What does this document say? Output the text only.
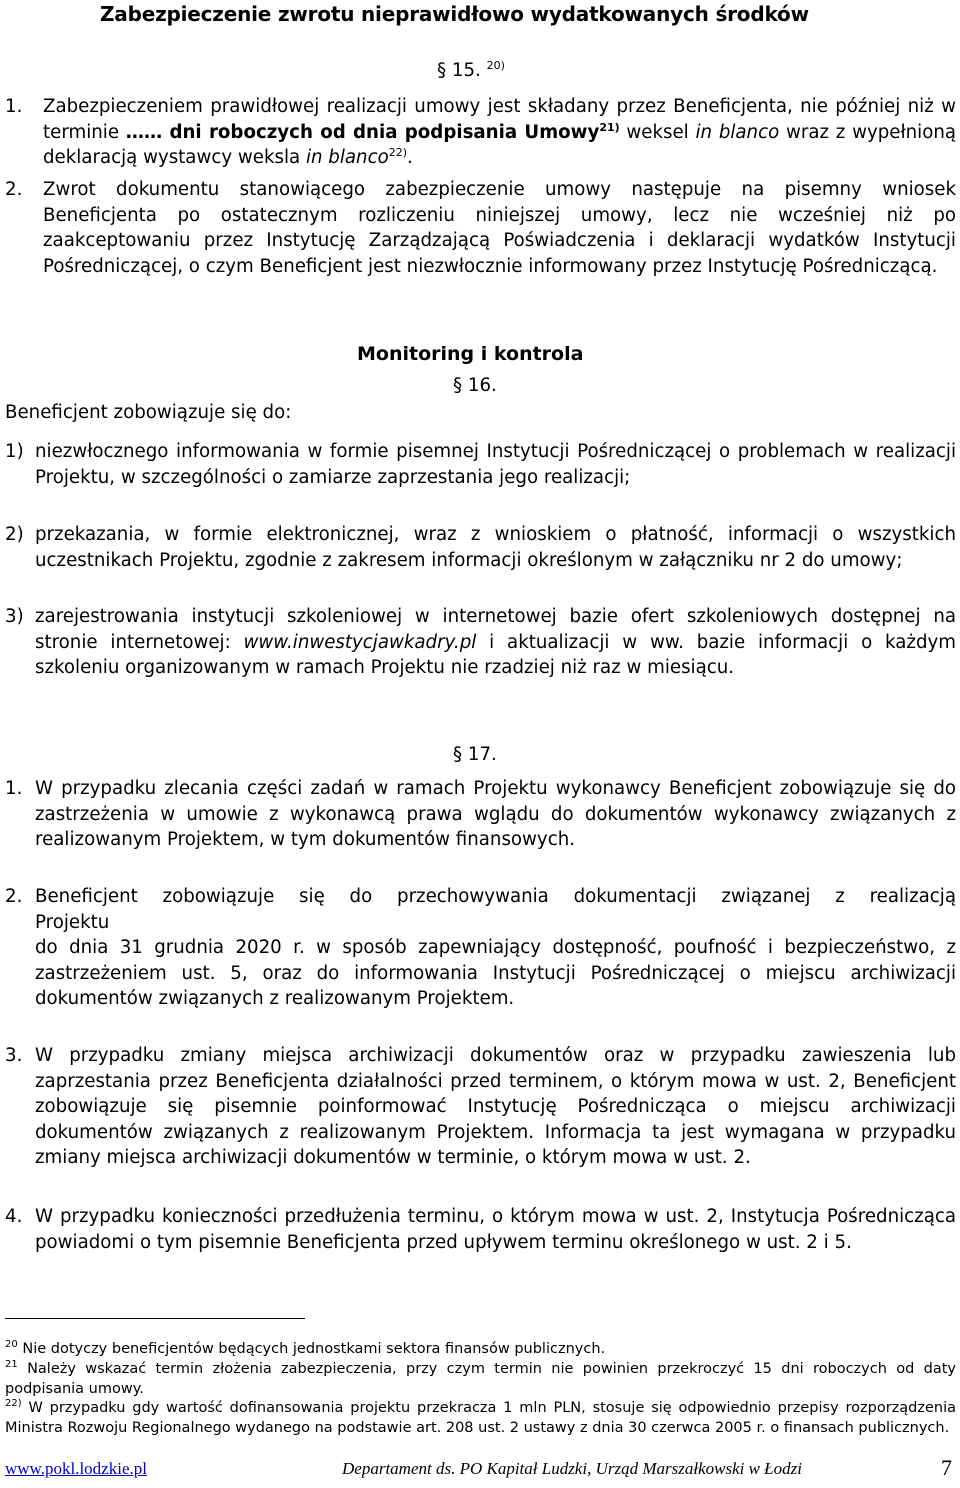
Zabezpieczenie zwrotu nieprawidłowo wydatkowanych środków
§ 15. $^{20)}$
1. Zabezpieczeniem prawidłowej realizacji umowy jest składany przez Beneficjenta, nie później niż w terminie …… dni roboczych od dnia podpisania Umowy$^{21)}$ weksel in blanco wraz z wypełnioną deklaracją wystawcy weksla in blanco$^{22)}$.
2. Zwrot dokumentu stanowiącego zabezpieczenie umowy następuje na pisemny wniosek Beneficjenta po ostatecznym rozliczeniu niniejszej umowy, lecz nie wcześniej niż po zaakceptowaniu przez Instytucję Zarządzającą Poświadczenia i deklaracji wydatków Instytucji Pośredniczącej, o czym Beneficjent jest niezwłocznie informowany przez Instytucję Pośredniczącą.
Monitoring i kontrola
§ 16.
Beneficjent zobowiązuje się do:
1) niezwłocznego informowania w formie pisemnej Instytucji Pośredniczącej o problemach w realizacji Projektu, w szczególności o zamiarze zaprzestania jego realizacji;
2) przekazania, w formie elektronicznej, wraz z wnioskiem o płatność, informacji o wszystkich uczestnikach Projektu, zgodnie z zakresem informacji określonym w załączniku nr 2 do umowy;
3) zarejestrowania instytucji szkoleniowej w internetowej bazie ofert szkoleniowych dostępnej na stronie internetowej: www.inwestycjawkadry.pl i aktualizacji w ww. bazie informacji o każdym szkoleniu organizowanym w ramach Projektu nie rzadziej niż raz w miesiącu.
§ 17.
1. W przypadku zlecania części zadań w ramach Projektu wykonawcy Beneficjent zobowiązuje się do zastrzeżenia w umowie z wykonawcą prawa wglądu do dokumentów wykonawcy związanych z realizowanym Projektem, w tym dokumentów finansowych.
2. Beneficjent zobowiązuje się do przechowywania dokumentacji związanej z realizacją
Projektu
do dnia 31 grudnia 2020 r. w sposób zapewniający dostępność, poufność i bezpieczeństwo, z zastrzeżeniem ust. 5, oraz do informowania Instytucji Pośredniczącej o miejscu archiwizacji dokumentów związanych z realizowanym Projektem.
3. W przypadku zmiany miejsca archiwizacji dokumentów oraz w przypadku zawieszenia lub zaprzestania przez Beneficjenta działalności przed terminem, o którym mowa w ust. 2, Beneficjent zobowiązuje się pisemnie poinformować Instytucję Pośrednicząca o miejscu archiwizacji dokumentów związanych z realizowanym Projektem. Informacja ta jest wymagana w przypadku zmiany miejsca archiwizacji dokumentów w terminie, o którym mowa w ust. 2.
4. W przypadku konieczności przedłużenia terminu, o którym mowa w ust. 2, Instytucja Pośrednicząca powiadomi o tym pisemnie Beneficjenta przed upływem terminu określonego w ust. 2 i 5.
$^{20}$ Nie dotyczy beneficjentów będących jednostkami sektora finansów publicznych.
$^{21}$ Należy wskazać termin złożenia zabezpieczenia, przy czym termin nie powinien przekroczyć 15 dni roboczych od daty podpisania umowy.
$^{22)}$ W przypadku gdy wartość dofinansowania projektu przekracza 1 mln PLN, stosuje się odpowiednio przepisy rozporządzenia Ministra Rozwoju Regionalnego wydanego na podstawie art. 208 ust. 2 ustawy z dnia 30 czerwca 2005 r. o finansach publicznych.
www.pokl.lodzkie.pl	Departament ds. PO Kapitał Ludzki, Urząd Marszałkowski w Łodzi	7
